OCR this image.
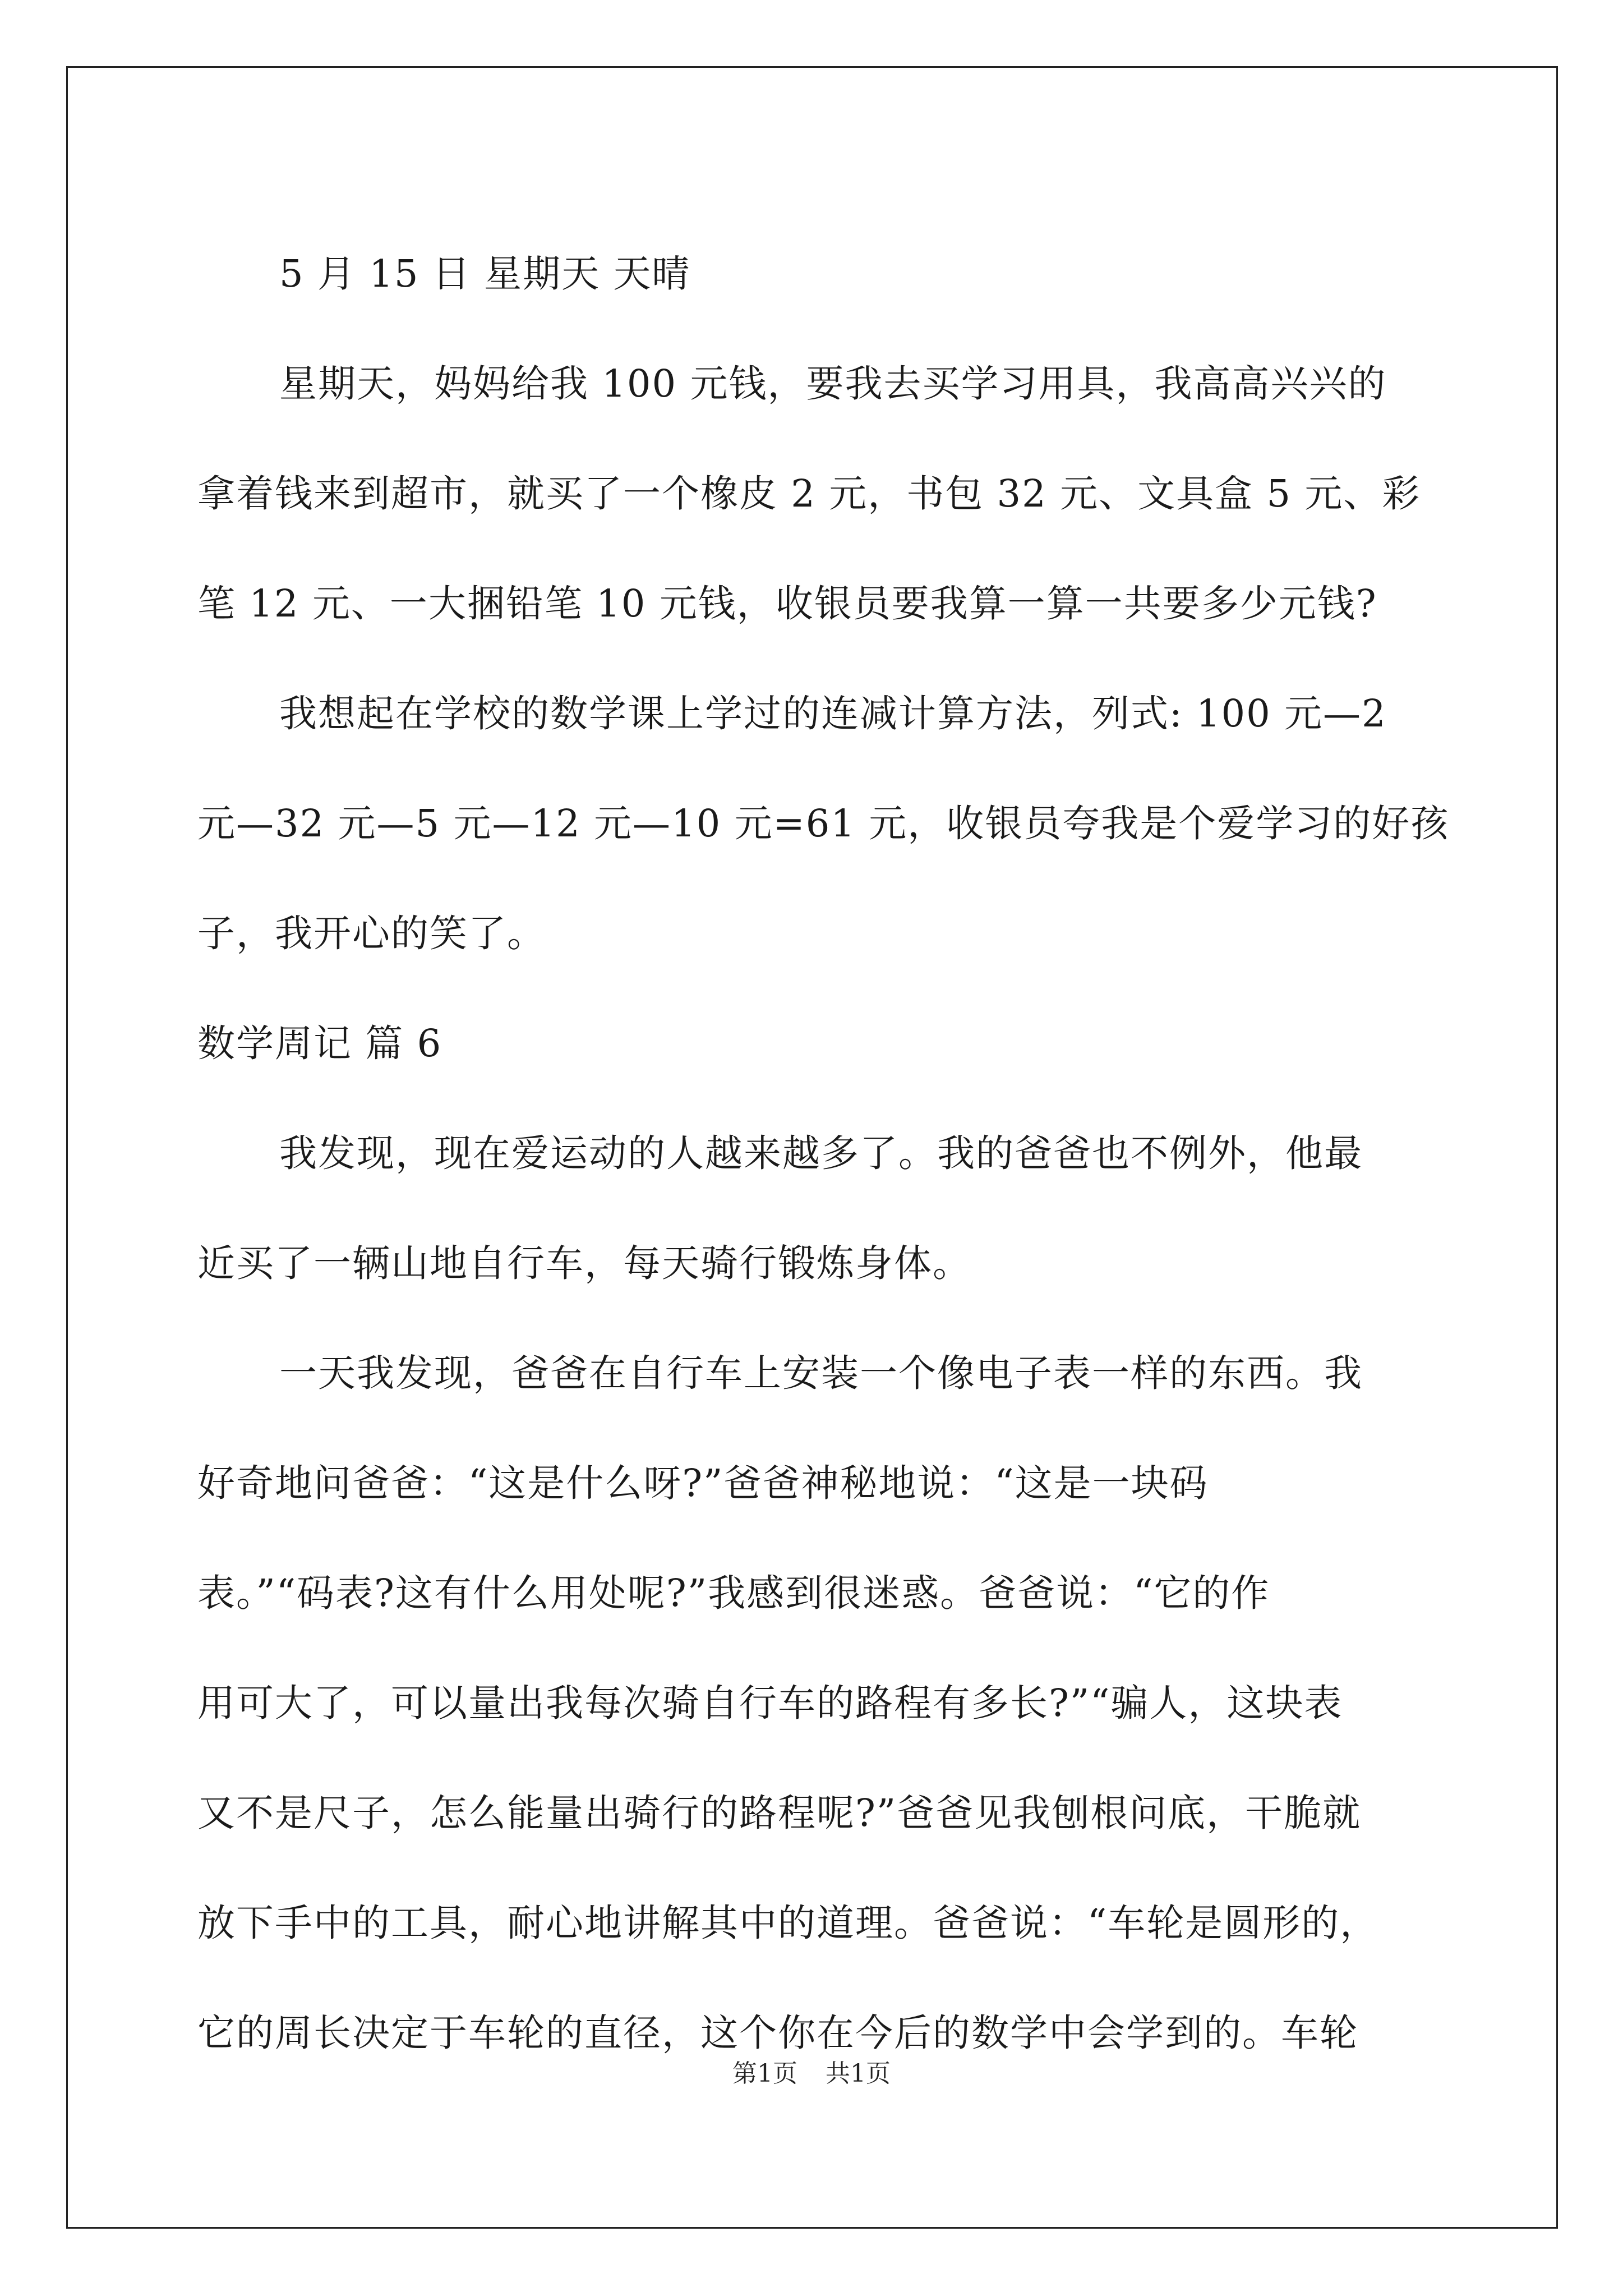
5 月 15 日 星期天 天晴
星期天，妈妈给我 100 元钱，要我去买学习用具，我高高兴兴的
拿着钱来到超市，就买了一个橡皮 2 元，书包 32 元、文具盒 5 元、彩
笔 12 元、一大捆铅笔 10 元钱，收银员要我算一算一共要多少元钱?
我想起在学校的数学课上学过的连减计算方法，列式: 100 元—2
元—32 元—5 元—12 元—10 元=61 元，收银员夸我是个爱学习的好孩
子，我开心的笑了。
数学周记 篇 6
我发现，现在爱运动的人越来越多了。我的爸爸也不例外，他最
近买了一辆山地自行车，每天骑行锻炼身体。
一天我发现，爸爸在自行车上安装一个像电子表一样的东西。我
好奇地问爸爸：“这是什么呀?”爸爸神秘地说：“这是一块码
表。”“码表?这有什么用处呢?”我感到很迷惑。爸爸说：“它的作
用可大了，可以量出我每次骑自行车的路程有多长?”“骗人，这块表
又不是尺子，怎么能量出骑行的路程呢?”爸爸见我刨根问底，干脆就
放下手中的工具，耐心地讲解其中的道理。爸爸说：“车轮是圆形的，
它的周长决定于车轮的直径，这个你在今后的数学中会学到的。车轮
第1页 共1页
